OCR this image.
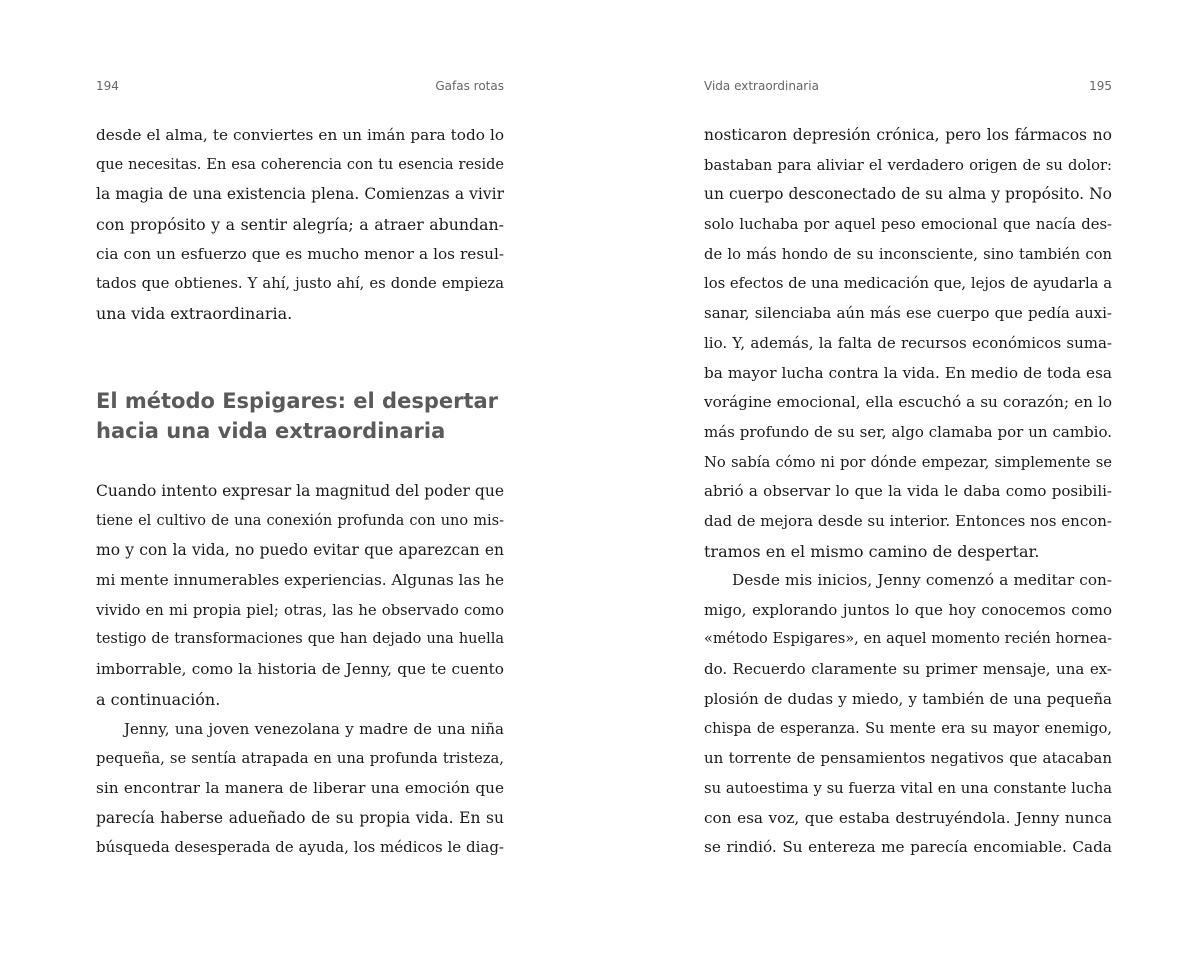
194	Gafas rotas
desde el alma, te conviertes en un imán para todo lo
que necesitas. En esa coherencia con tu esencia reside
la magia de una existencia plena. Comienzas a vivir
con propósito y a sentir alegría; a atraer abundan-
cia con un esfuerzo que es mucho menor a los resul-
tados que obtienes. Y ahí, justo ahí, es donde empieza
una vida extraordinaria.
El método Espigares: el despertar
hacia una vida extraordinaria
Cuando intento expresar la magnitud del poder que
tiene el cultivo de una conexión profunda con uno mis-
mo y con la vida, no puedo evitar que aparezcan en
mi mente innumerables experiencias. Algunas las he
vivido en mi propia piel; otras, las he observado como
testigo de transformaciones que han dejado una huella
imborrable, como la historia de Jenny, que te cuento
a continuación.
Jenny, una joven venezolana y madre de una niña
pequeña, se sentía atrapada en una profunda tristeza,
sin encontrar la manera de liberar una emoción que
parecía haberse adueñado de su propia vida. En su
búsqueda desesperada de ayuda, los médicos le diag-
Vida extraordinaria	195
nosticaron depresión crónica, pero los fármacos no
bastaban para aliviar el verdadero origen de su dolor:
un cuerpo desconectado de su alma y propósito. No
solo luchaba por aquel peso emocional que nacía des-
de lo más hondo de su inconsciente, sino también con
los efectos de una medicación que, lejos de ayudarla a
sanar, silenciaba aún más ese cuerpo que pedía auxi-
lio. Y, además, la falta de recursos económicos suma-
ba mayor lucha contra la vida. En medio de toda esa
vorágine emocional, ella escuchó a su corazón; en lo
más profundo de su ser, algo clamaba por un cambio.
No sabía cómo ni por dónde empezar, simplemente se
abrió a observar lo que la vida le daba como posibili-
dad de mejora desde su interior. Entonces nos encon-
tramos en el mismo camino de despertar.
Desde mis inicios, Jenny comenzó a meditar con-
migo, explorando juntos lo que hoy conocemos como
«método Espigares», en aquel momento recién hornea-
do. Recuerdo claramente su primer mensaje, una ex-
plosión de dudas y miedo, y también de una pequeña
chispa de esperanza. Su mente era su mayor enemigo,
un torrente de pensamientos negativos que atacaban
su autoestima y su fuerza vital en una constante lucha
con esa voz, que estaba destruyéndola. Jenny nunca
se rindió. Su entereza me parecía encomiable. Cada
